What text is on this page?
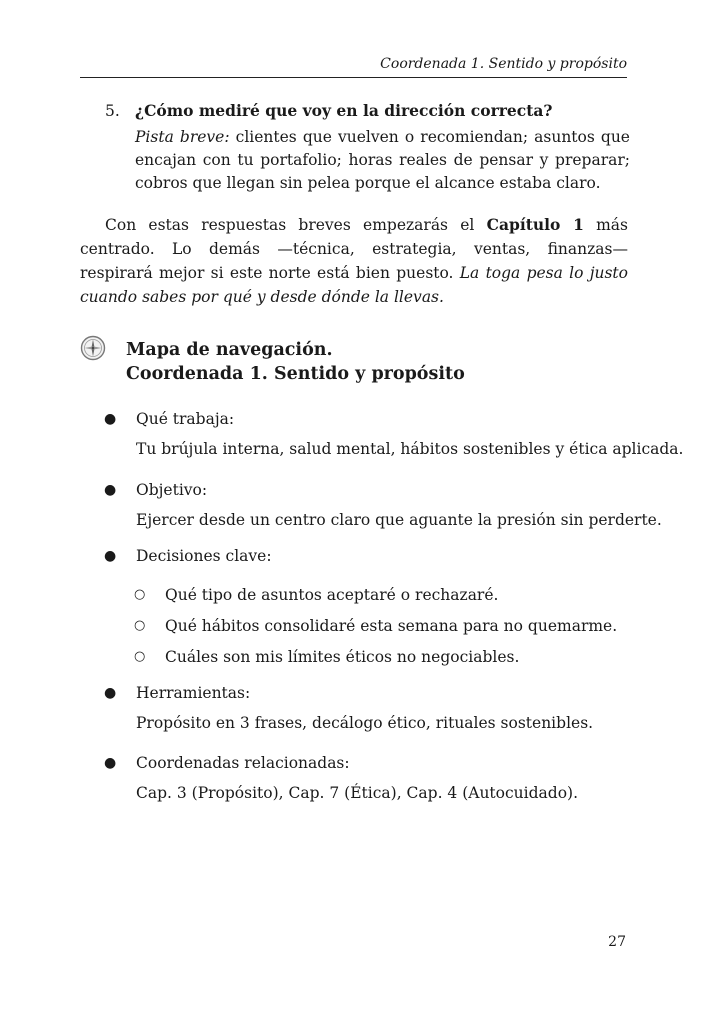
Coordenada 1. Sentido y propósito
5. ¿Cómo mediré que voy en la dirección correcta?
Pista breve: clientes que vuelven o recomiendan; asuntos que encajan con tu portafolio; horas reales de pensar y preparar; cobros que llegan sin pelea porque el alcance estaba claro.
Con estas respuestas breves empezarás el Capítulo 1 más centrado. Lo demás —técnica, estrategia, ventas, finanzas— respirará mejor si este norte está bien puesto. La toga pesa lo justo cuando sabes por qué y desde dónde la llevas.
Mapa de navegación.
Coordenada 1. Sentido y propósito
●	Qué trabaja:
Tu brújula interna, salud mental, hábitos sostenibles y ética aplicada.
●	Objetivo:
Ejercer desde un centro claro que aguante la presión sin perderte.
●	Decisiones clave:
○	Qué tipo de asuntos aceptaré o rechazaré.
○	Qué hábitos consolidaré esta semana para no quemarme.
○	Cuáles son mis límites éticos no negociables.
●	Herramientas:
Propósito en 3 frases, decálogo ético, rituales sostenibles.
●	Coordenadas relacionadas:
Cap. 3 (Propósito), Cap. 7 (Ética), Cap. 4 (Autocuidado).
27
